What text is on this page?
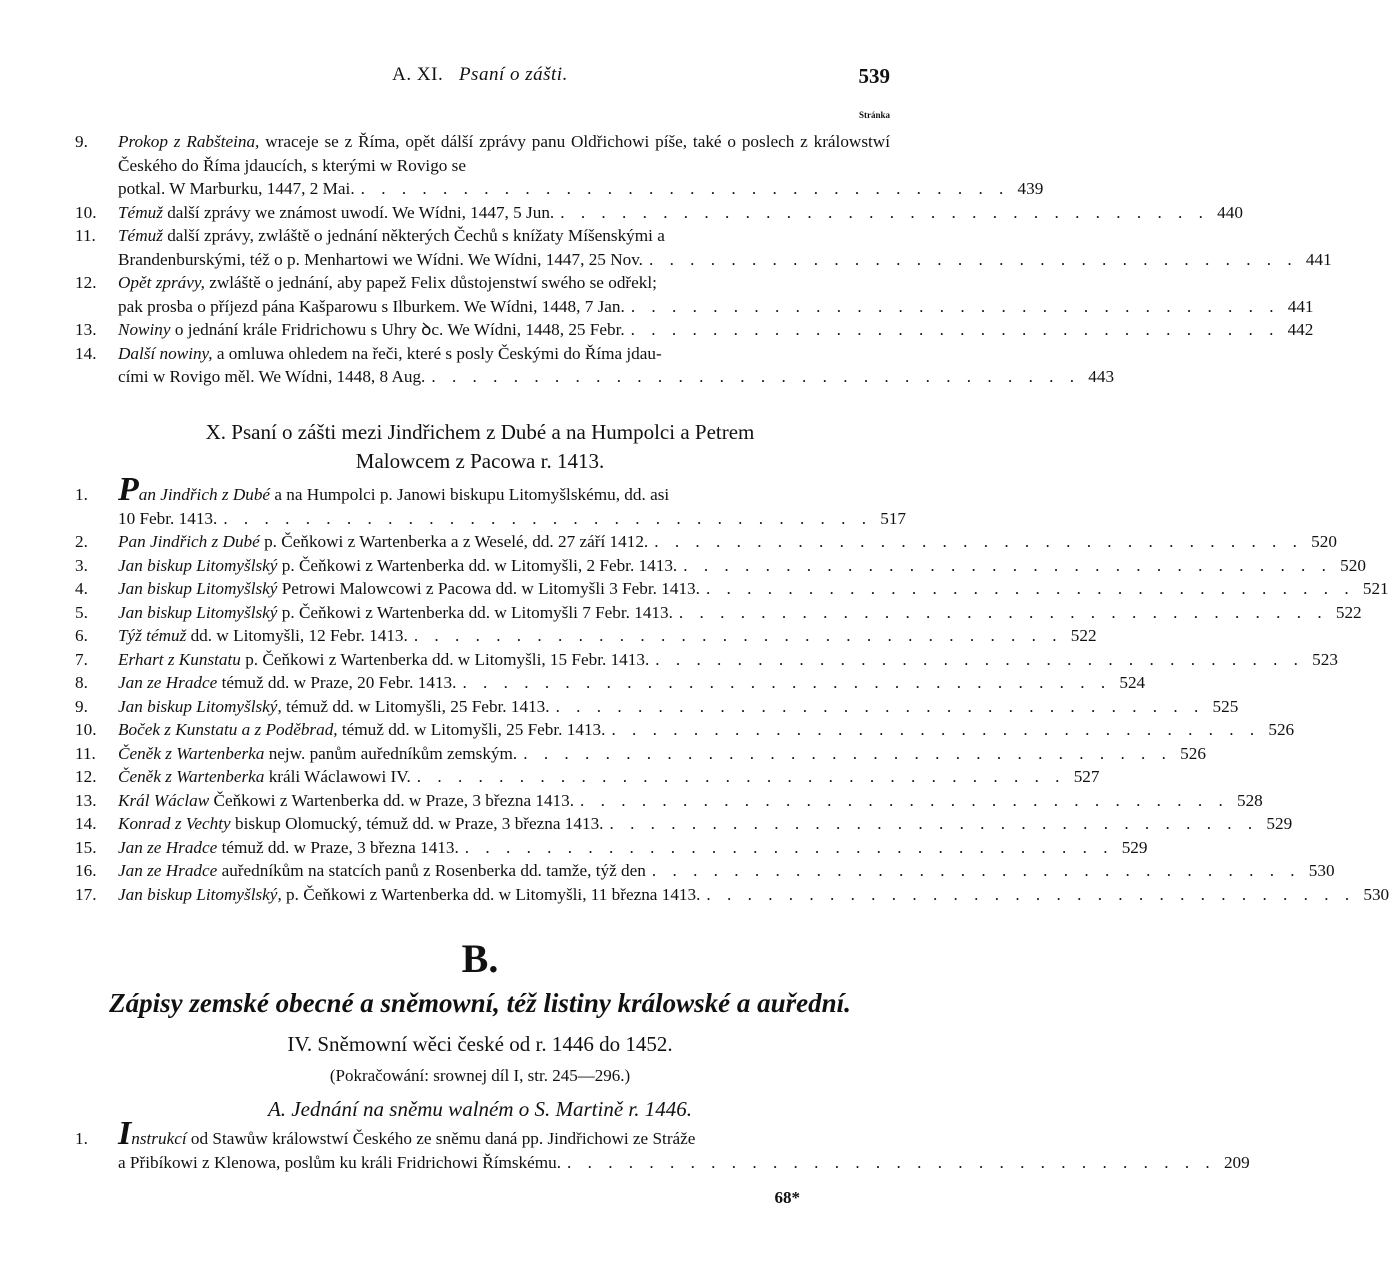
A. XI. Psaní o zášti.	539
Stránka
9.	Prokop z Rabšteina, wraceje se z Říma, opět dálší zprávy panu Oldřichowi píše, také o poslech z králowstwí Českého do Říma jdaucích, s kterými w Rovigo se
potkal. W Marburku, 1447, 2 Mai. . . . . . . . . . . . . . . . . . . . . . . . . . . . . . . . . 439
10.	Témuž další zprávy we známost uwodí. We Wídni, 1447, 5 Jun. . . . . . . . . . . . . . . . . . . . . . . . . . . . . . . . . 440
11.	Témuž další zprávy, zwláště o jednání některých Čechů s knížaty Míšenskými a
Brandenburskými, též o p. Menhartowi we Wídni. We Wídni, 1447, 25 Nov. . . . . . . . . . . . . . . . . . . . . . . . . . . . . . . . . 441
12.	Opět zprávy, zwláště o jednání, aby papež Felix důstojenstwí swého se odřekl;
pak prosba o příjezd pána Kašparowu s Ilburkem. We Wídni, 1448, 7 Jan. . . . . . . . . . . . . . . . . . . . . . . . . . . . . . . . . 441
13.	Nowiny o jednání krále Fridrichowu s Uhry ꝺc. We Wídni, 1448, 25 Febr. . . . . . . . . . . . . . . . . . . . . . . . . . . . . . . . . 442
14.	Další nowiny, a omluwa ohledem na řeči, které s posly Českými do Říma jdau-
cími w Rovigo měl. We Wídni, 1448, 8 Aug. . . . . . . . . . . . . . . . . . . . . . . . . . . . . . . . . 443
X. Psaní o zášti mezi Jindřichem z Dubé a na Humpolci a Petrem
Malowcem z Pacowa r. 1413.
1. Pan Jindřich z Dubé a na Humpolci p. Janowi biskupu Litomyšlskému, dd. asi
10 Febr. 1413. . . . . . . . . . . . . . . . . . . . . . . . . . . . . . . . . 517
2.	Pan Jindřich z Dubé p. Čeňkowi z Wartenberka a z Weselé, dd. 27 září 1412. . . . . . . . . . . . . . . . . . . . . . . . . . . . . . . . . 520
3.	Jan biskup Litomyšlský p. Čeňkowi z Wartenberka dd. w Litomyšli, 2 Febr. 1413. . . . . . . . . . . . . . . . . . . . . . . . . . . . . . . . . 520
4.	Jan biskup Litomyšlský Petrowi Malowcowi z Pacowa dd. w Litomyšli 3 Febr. 1413. . . . . . . . . . . . . . . . . . . . . . . . . . . . . . . . . 521
5.	Jan biskup Litomyšlský p. Čeňkowi z Wartenberka dd. w Litomyšli 7 Febr. 1413. . . . . . . . . . . . . . . . . . . . . . . . . . . . . . . . . 522
6.	Týž témuž dd. w Litomyšli, 12 Febr. 1413. . . . . . . . . . . . . . . . . . . . . . . . . . . . . . . . . 522
7.	Erhart z Kunstatu p. Čeňkowi z Wartenberka dd. w Litomyšli, 15 Febr. 1413. . . . . . . . . . . . . . . . . . . . . . . . . . . . . . . . . 523
8.	Jan ze Hradce témuž dd. w Praze, 20 Febr. 1413. . . . . . . . . . . . . . . . . . . . . . . . . . . . . . . . . 524
9.	Jan biskup Litomyšlský, témuž dd. w Litomyšli, 25 Febr. 1413. . . . . . . . . . . . . . . . . . . . . . . . . . . . . . . . . 525
10.	Boček z Kunstatu a z Poděbrad, témuž dd. w Litomyšli, 25 Febr. 1413. . . . . . . . . . . . . . . . . . . . . . . . . . . . . . . . . 526
11.	Čeněk z Wartenberka nejw. panům auředníkům zemským. . . . . . . . . . . . . . . . . . . . . . . . . . . . . . . . . 526
12.	Čeněk z Wartenberka králi Wáclawowi IV. . . . . . . . . . . . . . . . . . . . . . . . . . . . . . . . . 527
13.	Král Wáclaw Čeňkowi z Wartenberka dd. w Praze, 3 března 1413. . . . . . . . . . . . . . . . . . . . . . . . . . . . . . . . . 528
14.	Konrad z Vechty biskup Olomucký, témuž dd. w Praze, 3 března 1413. . . . . . . . . . . . . . . . . . . . . . . . . . . . . . . . . 529
15.	Jan ze Hradce témuž dd. w Praze, 3 března 1413. . . . . . . . . . . . . . . . . . . . . . . . . . . . . . . . . 529
16.	Jan ze Hradce auředníkům na statcích panů z Rosenberka dd. tamže, týž den . . . . . . . . . . . . . . . . . . . . . . . . . . . . . . . . 530
17.	Jan biskup Litomyšlský, p. Čeňkowi z Wartenberka dd. w Litomyšli, 11 března 1413. . . . . . . . . . . . . . . . . . . . . . . . . . . . . . . . . 530
B.
Zápisy zemské obecné a sněmowní, též listiny králowské a auřední.
IV. Sněmowní wěci české od r. 1446 do 1452.
(Pokračowání: srownej díl I, str. 245—296.)
A. Jednání na sněmu walném o S. Martině r. 1446.
1. Instrukcí od Stawůw králowstwí Českého ze sněmu daná pp. Jindřichowi ze Stráže
a Přibíkowi z Klenowa, poslům ku králi Fridrichowi Římskému. . . . . . . . . . . . . . . . . . . . . . . . . . . . . . . . . 209
68*
